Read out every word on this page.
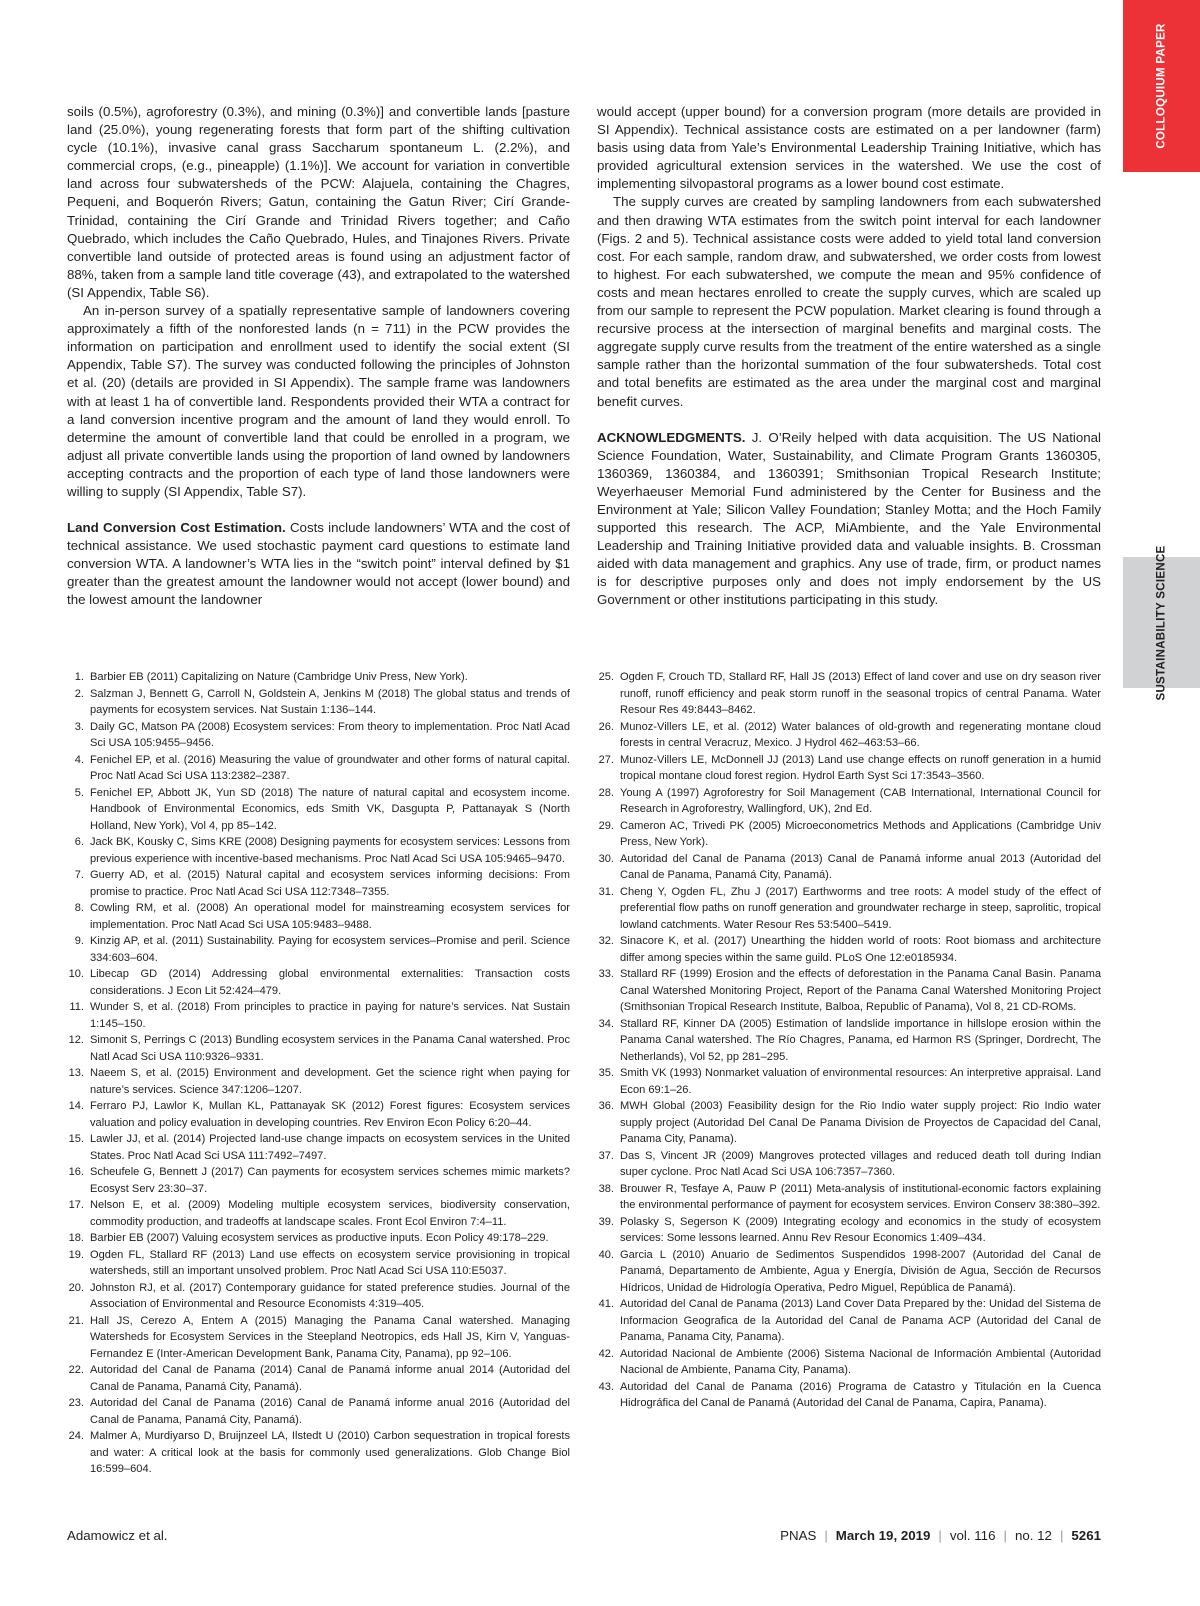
COLLOQUIUM PAPER
SUSTAINABILITY SCIENCE

soils (0.5%), agroforestry (0.3%), and mining (0.3%)] and convertible lands [pasture land (25.0%), young regenerating forests that form part of the shifting cultivation cycle (10.1%), invasive canal grass Saccharum spontaneum L. (2.2%), and commercial crops, (e.g., pineapple) (1.1%)]. We account for variation in convertible land across four subwatersheds of the PCW: Alajuela, containing the Chagres, Pequeni, and Boquerón Rivers; Gatun, containing the Gatun River; Cirí Grande-Trinidad, containing the Cirí Grande and Trinidad Rivers together; and Caño Quebrado, which includes the Caño Quebrado, Hules, and Tinajones Rivers. Private convertible land outside of protected areas is found using an adjustment factor of 88%, taken from a sample land title coverage (43), and extrapolated to the watershed (SI Appendix, Table S6).

An in-person survey of a spatially representative sample of landowners covering approximately a fifth of the nonforested lands (n = 711) in the PCW provides the information on participation and enrollment used to identify the social extent (SI Appendix, Table S7). The survey was conducted following the principles of Johnston et al. (20) (details are provided in SI Appendix). The sample frame was landowners with at least 1 ha of convertible land. Respondents provided their WTA a contract for a land conversion incentive program and the amount of land they would enroll. To determine the amount of convertible land that could be enrolled in a program, we adjust all private convertible lands using the proportion of land owned by landowners accepting contracts and the proportion of each type of land those landowners were willing to supply (SI Appendix, Table S7).

Land Conversion Cost Estimation. Costs include landowners’ WTA and the cost of technical assistance. We used stochastic payment card questions to estimate land conversion WTA. A landowner’s WTA lies in the “switch point” interval defined by $1 greater than the greatest amount the landowner would not accept (lower bound) and the lowest amount the landowner

would accept (upper bound) for a conversion program (more details are provided in SI Appendix). Technical assistance costs are estimated on a per landowner (farm) basis using data from Yale’s Environmental Leadership Training Initiative, which has provided agricultural extension services in the watershed. We use the cost of implementing silvopastoral programs as a lower bound cost estimate.

The supply curves are created by sampling landowners from each subwatershed and then drawing WTA estimates from the switch point interval for each landowner (Figs. 2 and 5). Technical assistance costs were added to yield total land conversion cost. For each sample, random draw, and subwatershed, we order costs from lowest to highest. For each subwatershed, we compute the mean and 95% confidence of costs and mean hectares enrolled to create the supply curves, which are scaled up from our sample to represent the PCW population. Market clearing is found through a recursive process at the intersection of marginal benefits and marginal costs. The aggregate supply curve results from the treatment of the entire watershed as a single sample rather than the horizontal summation of the four subwatersheds. Total cost and total benefits are estimated as the area under the marginal cost and marginal benefit curves.

ACKNOWLEDGMENTS. J. O’Reily helped with data acquisition. The US National Science Foundation, Water, Sustainability, and Climate Program Grants 1360305, 1360369, 1360384, and 1360391; Smithsonian Tropical Research Institute; Weyerhaeuser Memorial Fund administered by the Center for Business and the Environment at Yale; Silicon Valley Foundation; Stanley Motta; and the Hoch Family supported this research. The ACP, MiAmbiente, and the Yale Environmental Leadership and Training Initiative provided data and valuable insights. B. Crossman aided with data management and graphics. Any use of trade, firm, or product names is for descriptive purposes only and does not imply endorsement by the US Government or other institutions participating in this study.

1. Barbier EB (2011) Capitalizing on Nature (Cambridge Univ Press, New York).
2. Salzman J, Bennett G, Carroll N, Goldstein A, Jenkins M (2018) The global status and trends of payments for ecosystem services. Nat Sustain 1:136–144.
3. Daily GC, Matson PA (2008) Ecosystem services: From theory to implementation. Proc Natl Acad Sci USA 105:9455–9456.
4. Fenichel EP, et al. (2016) Measuring the value of groundwater and other forms of natural capital. Proc Natl Acad Sci USA 113:2382–2387.
5. Fenichel EP, Abbott JK, Yun SD (2018) The nature of natural capital and ecosystem income. Handbook of Environmental Economics, eds Smith VK, Dasgupta P, Pattanayak S (North Holland, New York), Vol 4, pp 85–142.
6. Jack BK, Kousky C, Sims KRE (2008) Designing payments for ecosystem services: Lessons from previous experience with incentive-based mechanisms. Proc Natl Acad Sci USA 105:9465–9470.
7. Guerry AD, et al. (2015) Natural capital and ecosystem services informing decisions: From promise to practice. Proc Natl Acad Sci USA 112:7348–7355.
8. Cowling RM, et al. (2008) An operational model for mainstreaming ecosystem services for implementation. Proc Natl Acad Sci USA 105:9483–9488.
9. Kinzig AP, et al. (2011) Sustainability. Paying for ecosystem services–Promise and peril. Science 334:603–604.
10. Libecap GD (2014) Addressing global environmental externalities: Transaction costs considerations. J Econ Lit 52:424–479.
11. Wunder S, et al. (2018) From principles to practice in paying for nature’s services. Nat Sustain 1:145–150.
12. Simonit S, Perrings C (2013) Bundling ecosystem services in the Panama Canal watershed. Proc Natl Acad Sci USA 110:9326–9331.
13. Naeem S, et al. (2015) Environment and development. Get the science right when paying for nature’s services. Science 347:1206–1207.
14. Ferraro PJ, Lawlor K, Mullan KL, Pattanayak SK (2012) Forest figures: Ecosystem services valuation and policy evaluation in developing countries. Rev Environ Econ Policy 6:20–44.
15. Lawler JJ, et al. (2014) Projected land-use change impacts on ecosystem services in the United States. Proc Natl Acad Sci USA 111:7492–7497.
16. Scheufele G, Bennett J (2017) Can payments for ecosystem services schemes mimic markets? Ecosyst Serv 23:30–37.
17. Nelson E, et al. (2009) Modeling multiple ecosystem services, biodiversity conservation, commodity production, and tradeoffs at landscape scales. Front Ecol Environ 7:4–11.
18. Barbier EB (2007) Valuing ecosystem services as productive inputs. Econ Policy 49:178–229.
19. Ogden FL, Stallard RF (2013) Land use effects on ecosystem service provisioning in tropical watersheds, still an important unsolved problem. Proc Natl Acad Sci USA 110:E5037.
20. Johnston RJ, et al. (2017) Contemporary guidance for stated preference studies. Journal of the Association of Environmental and Resource Economists 4:319–405.
21. Hall JS, Cerezo A, Entem A (2015) Managing the Panama Canal watershed. Managing Watersheds for Ecosystem Services in the Steepland Neotropics, eds Hall JS, Kirn V, Yanguas-Fernandez E (Inter-American Development Bank, Panama City, Panama), pp 92–106.
22. Autoridad del Canal de Panama (2014) Canal de Panamá informe anual 2014 (Autoridad del Canal de Panama, Panamá City, Panamá).
23. Autoridad del Canal de Panama (2016) Canal de Panamá informe anual 2016 (Autoridad del Canal de Panama, Panamá City, Panamá).
24. Malmer A, Murdiyarso D, Bruijnzeel LA, Ilstedt U (2010) Carbon sequestration in tropical forests and water: A critical look at the basis for commonly used generalizations. Glob Change Biol 16:599–604.
25. Ogden F, Crouch TD, Stallard RF, Hall JS (2013) Effect of land cover and use on dry season river runoff, runoff efficiency and peak storm runoff in the seasonal tropics of central Panama. Water Resour Res 49:8443–8462.
26. Munoz-Villers LE, et al. (2012) Water balances of old-growth and regenerating montane cloud forests in central Veracruz, Mexico. J Hydrol 462–463:53–66.
27. Munoz-Villers LE, McDonnell JJ (2013) Land use change effects on runoff generation in a humid tropical montane cloud forest region. Hydrol Earth Syst Sci 17:3543–3560.
28. Young A (1997) Agroforestry for Soil Management (CAB International, International Council for Research in Agroforestry, Wallingford, UK), 2nd Ed.
29. Cameron AC, Trivedi PK (2005) Microeconometrics Methods and Applications (Cambridge Univ Press, New York).
30. Autoridad del Canal de Panama (2013) Canal de Panamá informe anual 2013 (Autoridad del Canal de Panama, Panamá City, Panamá).
31. Cheng Y, Ogden FL, Zhu J (2017) Earthworms and tree roots: A model study of the effect of preferential flow paths on runoff generation and groundwater recharge in steep, saprolitic, tropical lowland catchments. Water Resour Res 53:5400–5419.
32. Sinacore K, et al. (2017) Unearthing the hidden world of roots: Root biomass and architecture differ among species within the same guild. PLoS One 12:e0185934.
33. Stallard RF (1999) Erosion and the effects of deforestation in the Panama Canal Basin. Panama Canal Watershed Monitoring Project, Report of the Panama Canal Watershed Monitoring Project (Smithsonian Tropical Research Institute, Balboa, Republic of Panama), Vol 8, 21 CD-ROMs.
34. Stallard RF, Kinner DA (2005) Estimation of landslide importance in hillslope erosion within the Panama Canal watershed. The Río Chagres, Panama, ed Harmon RS (Springer, Dordrecht, The Netherlands), Vol 52, pp 281–295.
35. Smith VK (1993) Nonmarket valuation of environmental resources: An interpretive appraisal. Land Econ 69:1–26.
36. MWH Global (2003) Feasibility design for the Rio Indio water supply project: Rio Indio water supply project (Autoridad Del Canal De Panama Division de Proyectos de Capacidad del Canal, Panama City, Panama).
37. Das S, Vincent JR (2009) Mangroves protected villages and reduced death toll during Indian super cyclone. Proc Natl Acad Sci USA 106:7357–7360.
38. Brouwer R, Tesfaye A, Pauw P (2011) Meta-analysis of institutional-economic factors explaining the environmental performance of payment for ecosystem services. Environ Conserv 38:380–392.
39. Polasky S, Segerson K (2009) Integrating ecology and economics in the study of ecosystem services: Some lessons learned. Annu Rev Resour Economics 1:409–434.
40. Garcia L (2010) Anuario de Sedimentos Suspendidos 1998-2007 (Autoridad del Canal de Panamá, Departamento de Ambiente, Agua y Energía, División de Agua, Sección de Recursos Hídricos, Unidad de Hidrología Operativa, Pedro Miguel, República de Panamá).
41. Autoridad del Canal de Panama (2013) Land Cover Data Prepared by the: Unidad del Sistema de Informacion Geografica de la Autoridad del Canal de Panama ACP (Autoridad del Canal de Panama, Panama City, Panama).
42. Autoridad Nacional de Ambiente (2006) Sistema Nacional de Información Ambiental (Autoridad Nacional de Ambiente, Panama City, Panama).
43. Autoridad del Canal de Panama (2016) Programa de Catastro y Titulación en la Cuenca Hidrográfica del Canal de Panamá (Autoridad del Canal de Panama, Capira, Panama).
Adamowicz et al.	PNAS | March 19, 2019 | vol. 116 | no. 12 | 5261
